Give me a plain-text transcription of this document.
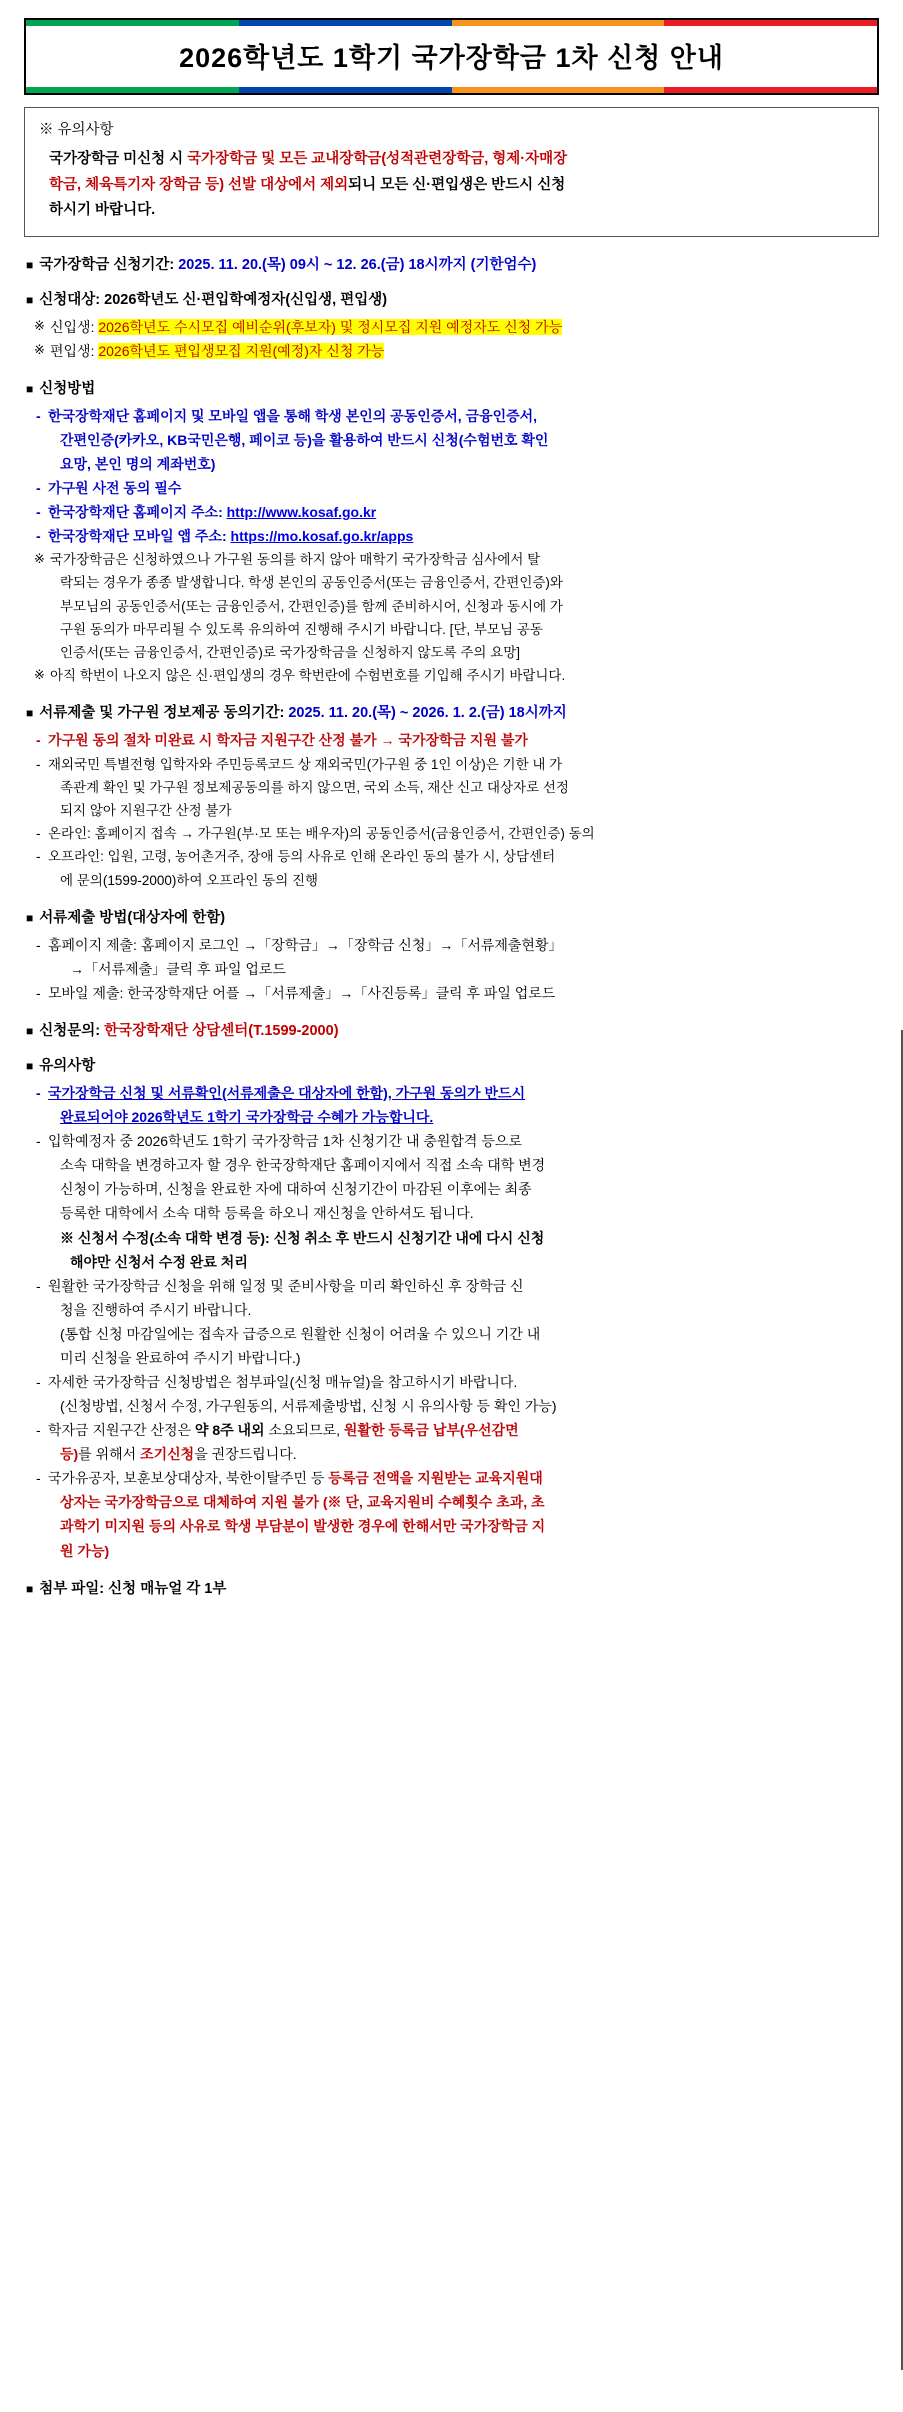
2026학년도 1학기 국가장학금 1차 신청 안내
※ 유의사항
국가장학금 미신청 시 국가장학금 및 모든 교내장학금(성적관련장학금, 형제·자매장
학금, 체육특기자 장학금 등) 선발 대상에서 제외되니 모든 신·편입생은 반드시 신청
하시기 바랍니다.
■ 국가장학금 신청기간: 2025. 11. 20.(목) 09시 ~ 12. 26.(금) 18시까지 (기한엄수)
■ 신청대상: 2026학년도 신·편입학예정자(신입생, 편입생)
※ 신입생: 2026학년도 수시모집 예비순위(후보자) 및 정시모집 지원 예정자도 신청 가능
※ 편입생: 2026학년도 편입생모집 지원(예정)자 신청 가능
■ 신청방법
- 한국장학재단 홈페이지 및 모바일 앱을 통해 학생 본인의 공동인증서, 금융인증서,
간편인증(카카오, KB국민은행, 페이코 등)을 활용하여 반드시 신청(수험번호 확인
요망, 본인 명의 계좌번호)
- 가구원 사전 동의 필수
- 한국장학재단 홈페이지 주소: http://www.kosaf.go.kr
- 한국장학재단 모바일 앱 주소: https://mo.kosaf.go.kr/apps
※ 국가장학금은 신청하였으나 가구원 동의를 하지 않아 매학기 국가장학금 심사에서 탈
락되는 경우가 종종 발생합니다. 학생 본인의 공동인증서(또는 금융인증서, 간편인증)와
부모님의 공동인증서(또는 금융인증서, 간편인증)를 함께 준비하시어, 신청과 동시에 가
구원 동의가 마무리될 수 있도록 유의하여 진행해 주시기 바랍니다. [단, 부모님 공동
인증서(또는 금융인증서, 간편인증)로 국가장학금을 신청하지 않도록 주의 요망]
※ 아직 학번이 나오지 않은 신·편입생의 경우 학번란에 수험번호를 기입해 주시기 바랍니다.
■ 서류제출 및 가구원 정보제공 동의기간: 2025. 11. 20.(목) ~ 2026. 1. 2.(금) 18시까지
- 가구원 동의 절차 미완료 시 학자금 지원구간 산정 불가 → 국가장학금 지원 불가
- 재외국민 특별전형 입학자와 주민등록코드 상 재외국민(가구원 중 1인 이상)은 기한 내 가
족관계 확인 및 가구원 정보제공동의를 하지 않으면, 국외 소득, 재산 신고 대상자로 선정
되지 않아 지원구간 산정 불가
- 온라인: 홈페이지 접속 → 가구원(부·모 또는 배우자)의 공동인증서(금융인증서, 간편인증) 동의
- 오프라인: 입원, 고령, 농어촌거주, 장애 등의 사유로 인해 온라인 동의 불가 시, 상담센터
에 문의(1599-2000)하여 오프라인 동의 진행
■ 서류제출 방법(대상자에 한함)
- 홈페이지 제출: 홈페이지 로그인 →「장학금」→「장학금 신청」→「서류제출현황」
→「서류제출」클릭 후 파일 업로드
- 모바일 제출: 한국장학재단 어플 →「서류제출」→「사진등록」클릭 후 파일 업로드
■ 신청문의: 한국장학재단 상담센터(T.1599-2000)
■ 유의사항
- 국가장학금 신청 및 서류확인(서류제출은 대상자에 한함), 가구원 동의가 반드시
완료되어야 2026학년도 1학기 국가장학금 수혜가 가능합니다.
- 입학예정자 중 2026학년도 1학기 국가장학금 1차 신청기간 내 충원합격 등으로
소속 대학을 변경하고자 할 경우 한국장학재단 홈페이지에서 직접 소속 대학 변경
신청이 가능하며, 신청을 완료한 자에 대하여 신청기간이 마감된 이후에는 최종
등록한 대학에서 소속 대학 등록을 하오니 재신청을 안하셔도 됩니다.
※ 신청서 수정(소속 대학 변경 등): 신청 취소 후 반드시 신청기간 내에 다시 신청
해야만 신청서 수정 완료 처리
- 원활한 국가장학금 신청을 위해 일정 및 준비사항을 미리 확인하신 후 장학금 신
청을 진행하여 주시기 바랍니다.
(통합 신청 마감일에는 접속자 급증으로 원활한 신청이 어려울 수 있으니 기간 내
미리 신청을 완료하여 주시기 바랍니다.)
- 자세한 국가장학금 신청방법은 첨부파일(신청 매뉴얼)을 참고하시기 바랍니다.
(신청방법, 신청서 수정, 가구원동의, 서류제출방법, 신청 시 유의사항 등 확인 가능)
- 학자금 지원구간 산정은 약 8주 내외 소요되므로, 원활한 등록금 납부(우선감면
등)를 위해서 조기신청을 권장드립니다.
- 국가유공자, 보훈보상대상자, 북한이탈주민 등 등록금 전액을 지원받는 교육지원대
상자는 국가장학금으로 대체하여 지원 불가 (※ 단, 교육지원비 수혜횟수 초과, 초
과학기 미지원 등의 사유로 학생 부담분이 발생한 경우에 한해서만 국가장학금 지
원 가능)
■ 첨부 파일: 신청 매뉴얼 각 1부
